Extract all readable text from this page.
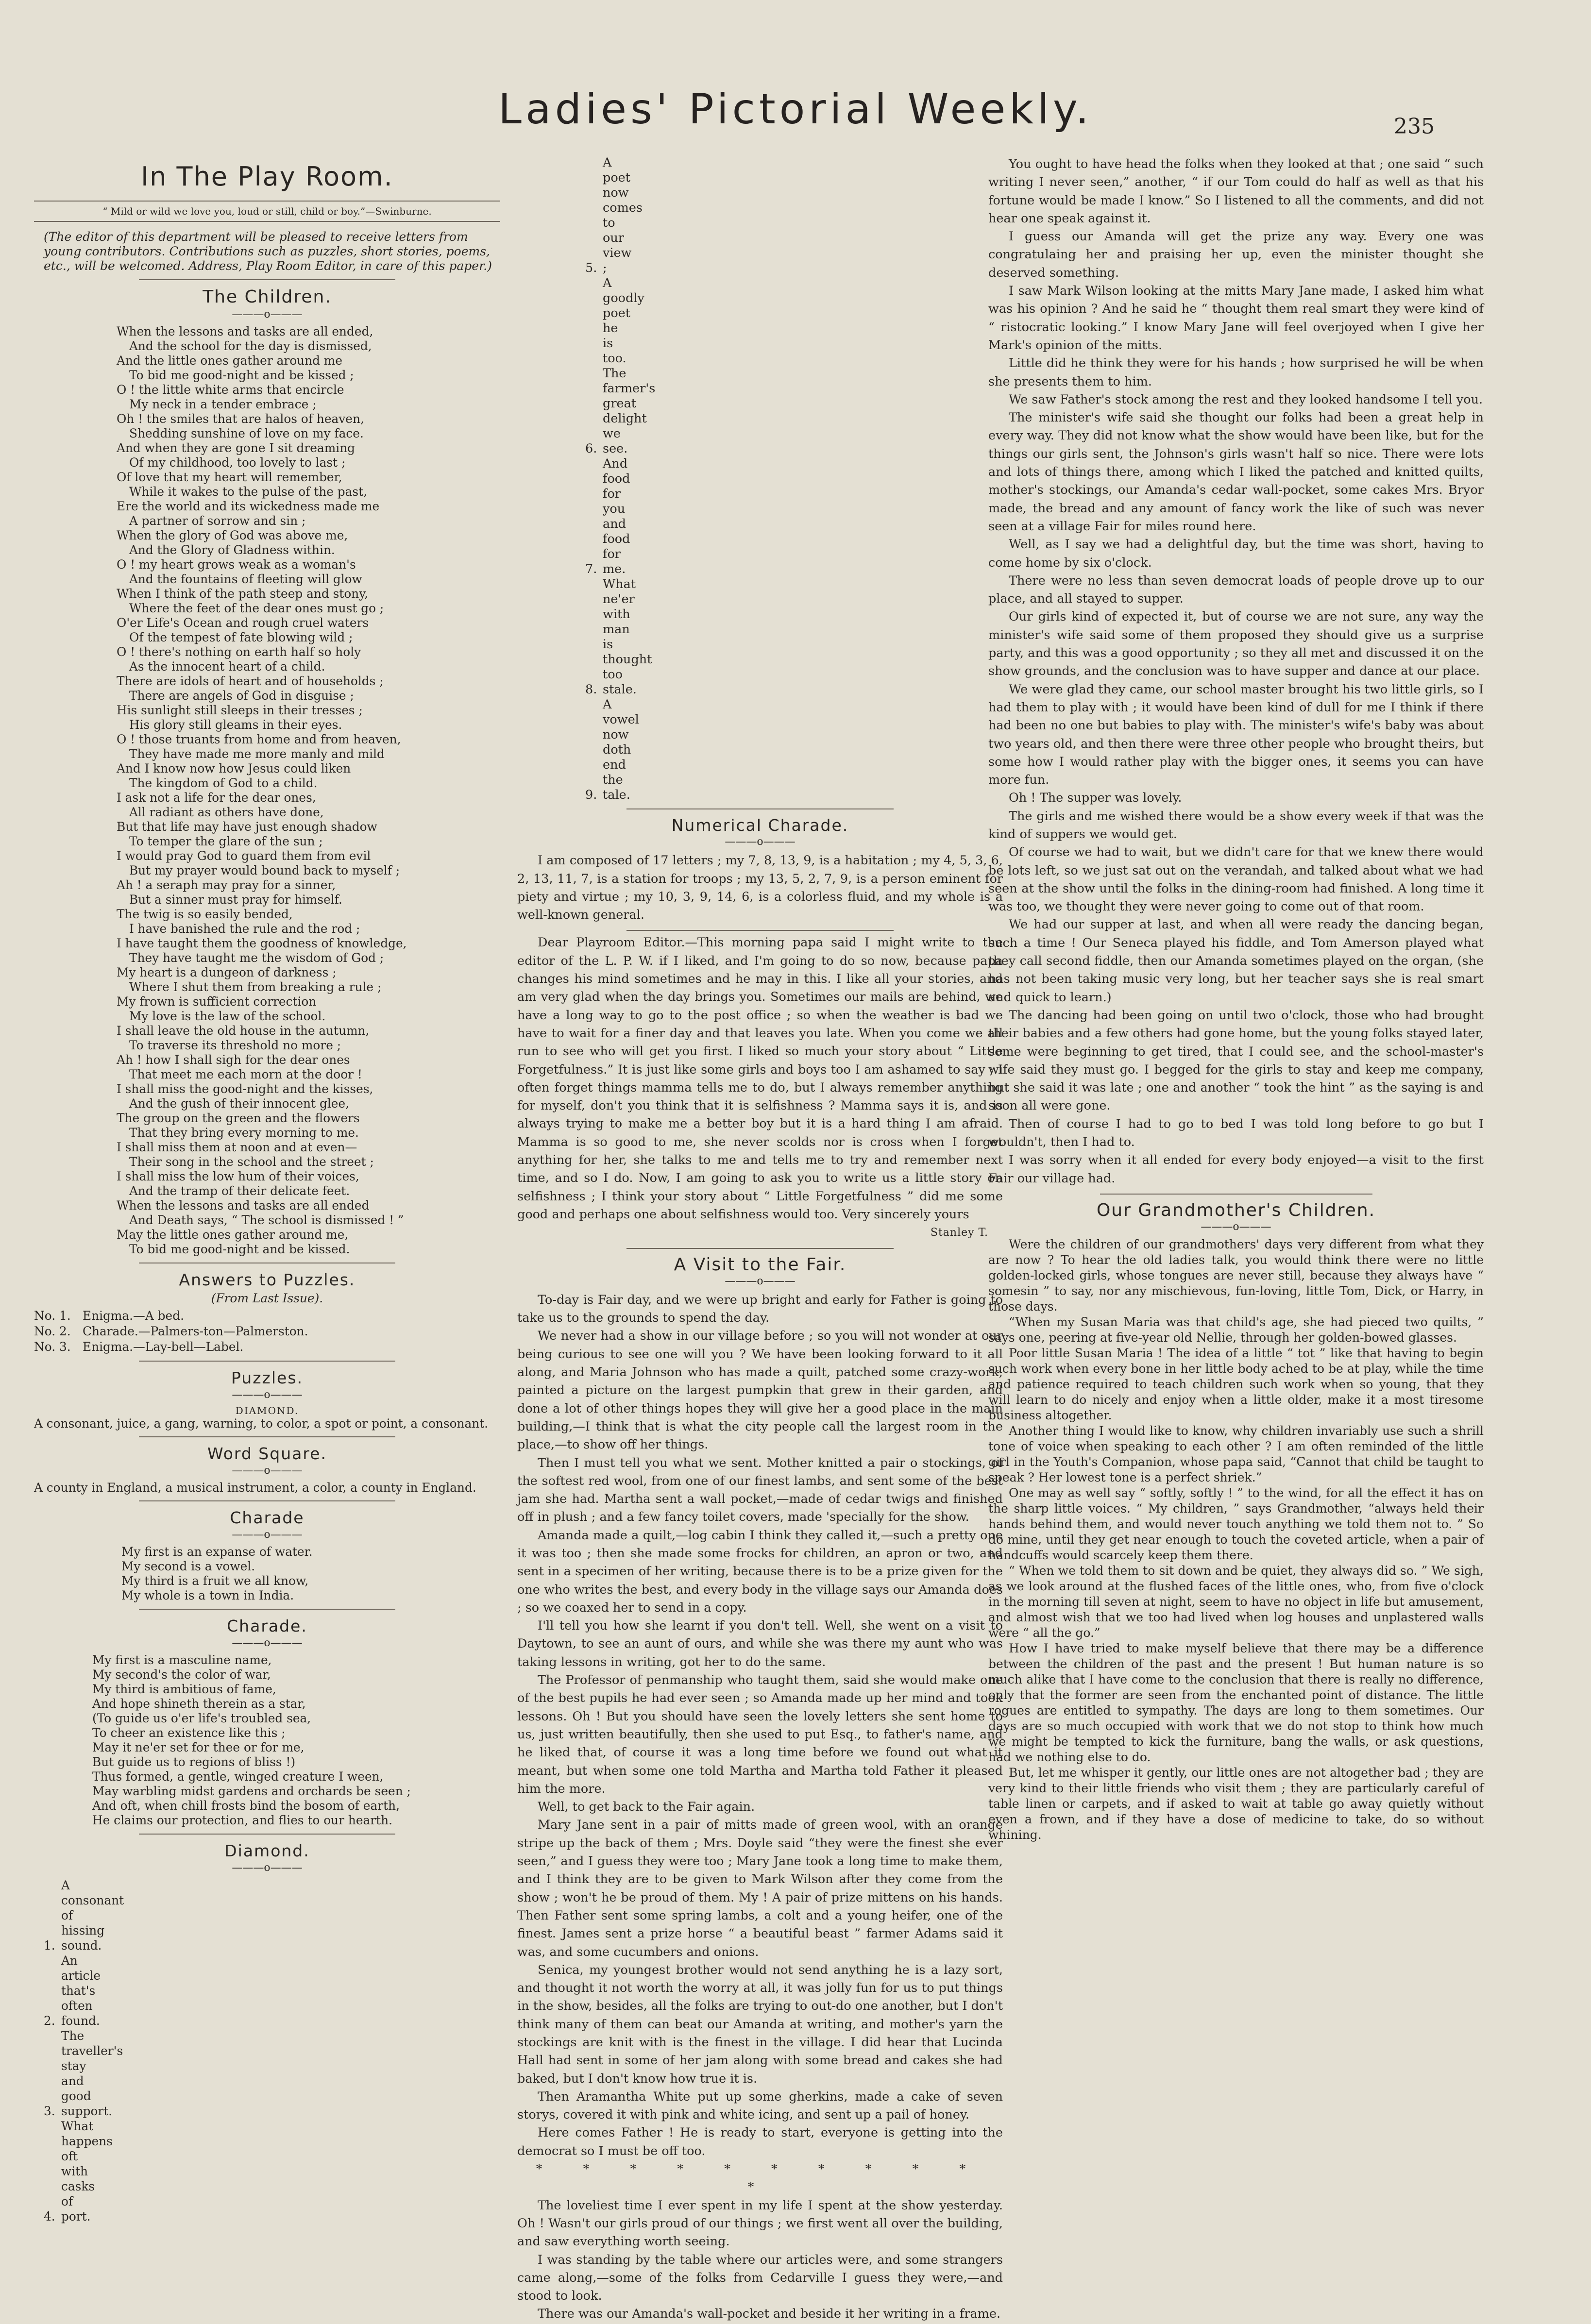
Ladies' Pictorial Weekly.	235
In The Play Room.
“ Mild or wild we love you, loud or still, child or boy.”—Swinburne.
(The editor of this department will be pleased to receive letters from young contributors. Contributions such as puzzles, short stories, poems, etc., will be welcomed. Address, Play Room Editor, in care of this paper.)
The Children.
———o———
When the lessons and tasks are all ended,
And the school for the day is dismissed,
And the little ones gather around me
To bid me good-night and be kissed ;
O ! the little white arms that encircle
My neck in a tender embrace ;
Oh ! the smiles that are halos of heaven,
Shedding sunshine of love on my face.
And when they are gone I sit dreaming
Of my childhood, too lovely to last ;
Of love that my heart will remember,
While it wakes to the pulse of the past,
Ere the world and its wickedness made me
A partner of sorrow and sin ;
When the glory of God was above me,
And the Glory of Gladness within.
O ! my heart grows weak as a woman's
And the fountains of fleeting will glow
When I think of the path steep and stony,
Where the feet of the dear ones must go ;
O'er Life's Ocean and rough cruel waters
Of the tempest of fate blowing wild ;
O ! there's nothing on earth half so holy
As the innocent heart of a child.
There are idols of heart and of households ;
There are angels of God in disguise ;
His sunlight still sleeps in their tresses ;
His glory still gleams in their eyes.
O ! those truants from home and from heaven,
They have made me more manly and mild
And I know now how Jesus could liken
The kingdom of God to a child.
I ask not a life for the dear ones,
All radiant as others have done,
But that life may have just enough shadow
To temper the glare of the sun ;
I would pray God to guard them from evil
But my prayer would bound back to myself ;
Ah ! a seraph may pray for a sinner,
But a sinner must pray for himself.
The twig is so easily bended,
I have banished the rule and the rod ;
I have taught them the goodness of knowledge,
They have taught me the wisdom of God ;
My heart is a dungeon of darkness ;
Where I shut them from breaking a rule ;
My frown is sufficient correction
My love is the law of the school.
I shall leave the old house in the autumn,
To traverse its threshold no more ;
Ah ! how I shall sigh for the dear ones
That meet me each morn at the door !
I shall miss the good-night and the kisses,
And the gush of their innocent glee,
The group on the green and the flowers
That they bring every morning to me.
I shall miss them at noon and at even—
Their song in the school and the street ;
I shall miss the low hum of their voices,
And the tramp of their delicate feet.
When the lessons and tasks are all ended
And Death says, “ The school is dismissed ! ”
May the little ones gather around me,
To bid me good-night and be kissed.
Answers to Puzzles.
(From Last Issue).
No. 1. Enigma.—A bed.
No. 2. Charade.—Palmers-ton—Palmerston.
No. 3. Enigma.—Lay-bell—Label.
Puzzles.
———o———
DIAMOND.

A consonant, juice, a gang, warning, to color, a spot or point, a consonant.

Word Square.
———o———

A county in England, a musical instrument, a color, a county in England.

Charade
———o———
My first is an expanse of water.
My second is a vowel.
My third is a fruit we all know,
My whole is a town in India.
Charade.
———o———
My first is a masculine name,
My second's the color of war,
My third is ambitious of fame,
And hope shineth therein as a star,
(To guide us o'er life's troubled sea,
To cheer an existence like this ;
May it ne'er set for thee or for me,
But guide us to regions of bliss !)
Thus formed, a gentle, winged creature I ween,
May warbling midst gardens and orchards be seen ;
And oft, when chill frosts bind the bosom of earth,
He claims our protection, and flies to our hearth.
Diamond.
———o———
1.A consonant of hissing sound.
2.An article that's often found.
3.The traveller's stay and good support.
4.What happens oft with casks of port.
5.A poet now comes to our view ;
A goodly poet he is too.
6.The farmer's great delight we see.
7.And food for you and food for me.
8.What ne'er with man is thought too stale.
9.A vowel now doth end the tale.
Numerical Charade.
———o———

I am composed of 17 letters ; my 7, 8, 13, 9, is a habitation ; my 4, 5, 3, 6, 2, 13, 11, 7, is a station for troops ; my 13, 5, 2, 7, 9, is a person eminent for piety and virtue ; my 10, 3, 9, 14, 6, is a colorless fluid, and my whole is a well-known general.

Dear Playroom Editor.—This morning papa said I might write to the editor of the L. P. W. if I liked, and I'm going to do so now, because papa changes his mind sometimes and he may in this. I like all your stories, and am very glad when the day brings you. Sometimes our mails are behind, we have a long way to go to the post office ; so when the weather is bad we have to wait for a finer day and that leaves you late. When you come we all run to see who will get you first. I liked so much your story about “ Little Forgetfulness.” It is just like some girls and boys too I am ashamed to say ; I often forget things mamma tells me to do, but I always remember anything for myself, don't you think that it is selfishness ? Mamma says it is, and is always trying to make me a better boy but it is a hard thing I am afraid. Mamma is so good to me, she never scolds nor is cross when I forget anything for her, she talks to me and tells me to try and remember next time, and so I do. Now, I am going to ask you to write us a little story on selfishness ; I think your story about “ Little Forgetfulness ” did me some good and perhaps one about selfishness would too. Very sincerely yours

Stanley T.
A Visit to the Fair.
———o———

To-day is Fair day, and we were up bright and early for Father is going to take us to the grounds to spend the day.

We never had a show in our village before ; so you will not wonder at our being curious to see one will you ? We have been looking forward to it all along, and Maria Johnson who has made a quilt, patched some crazy-work, painted a picture on the largest pumpkin that grew in their garden, and done a lot of other things hopes they will give her a good place in the main building,—I think that is what the city people call the largest room in the place,—to show off her things.

Then I must tell you what we sent. Mother knitted a pair o stockings, of the softest red wool, from one of our finest lambs, and sent some of the best jam she had. Martha sent a wall pocket,—made of cedar twigs and finished off in plush ; and a few fancy toilet covers, made 'specially for the show.

Amanda made a quilt,—log cabin I think they called it,—such a pretty one it was too ; then she made some frocks for children, an apron or two, and sent in a specimen of her writing, because there is to be a prize given for the one who writes the best, and every body in the village says our Amanda does ; so we coaxed her to send in a copy.

I'll tell you how she learnt if you don't tell. Well, she went on a visit to Daytown, to see an aunt of ours, and while she was there my aunt who was taking lessons in writing, got her to do the same.

The Professor of penmanship who taught them, said she would make one of the best pupils he had ever seen ; so Amanda made up her mind and took lessons. Oh ! But you should have seen the lovely letters she sent home to us, just written beautifully, then she used to put Esq., to father's name, and he liked that, of course it was a long time before we found out what it meant, but when some one told Martha and Martha told Father it pleased him the more.

Well, to get back to the Fair again.

Mary Jane sent in a pair of mitts made of green wool, with an orange stripe up the back of them ; Mrs. Doyle said “they were the finest she ever seen,” and I guess they were too ; Mary Jane took a long time to make them, and I think they are to be given to Mark Wilson after they come from the show ; won't he be proud of them. My ! A pair of prize mittens on his hands. Then Father sent some spring lambs, a colt and a young heifer, one of the finest. James sent a prize horse “ a beautiful beast ” farmer Adams said it was, and some cucumbers and onions.

Senica, my youngest brother would not send anything he is a lazy sort, and thought it not worth the worry at all, it was jolly fun for us to put things in the show, besides, all the folks are trying to out-do one another, but I don't think many of them can beat our Amanda at writing, and mother's yarn the stockings are knit with is the finest in the village. I did hear that Lucinda Hall had sent in some of her jam along with some bread and cakes she had baked, but I don't know how true it is.

Then Aramantha White put up some gherkins, made a cake of seven storys, covered it with pink and white icing, and sent up a pail of honey.

Here comes Father ! He is ready to start, everyone is getting into the democrat so I must be off too.

* * * * * * * * * * *

The loveliest time I ever spent in my life I spent at the show yesterday. Oh ! Wasn't our girls proud of our things ; we first went all over the building, and saw everything worth seeing.

I was standing by the table where our articles were, and some strangers came along,—some of the folks from Cedarville I guess they were,—and stood to look.

There was our Amanda's wall-pocket and beside it her writing in a frame.

You ought to have head the folks when they looked at that ; one said “ such writing I never seen,” another, “ if our Tom could do half as well as that his fortune would be made I know.” So I listened to all the comments, and did not hear one speak against it.

I guess our Amanda will get the prize any way. Every one was congratulaing her and praising her up, even the minister thought she deserved something.

I saw Mark Wilson looking at the mitts Mary Jane made, I asked him what was his opinion ? And he said he “ thought them real smart they were kind of “ ristocratic looking.” I know Mary Jane will feel overjoyed when I give her Mark's opinion of the mitts.

Little did he think they were for his hands ; how surprised he will be when she presents them to him.

We saw Father's stock among the rest and they looked handsome I tell you.

The minister's wife said she thought our folks had been a great help in every way. They did not know what the show would have been like, but for the things our girls sent, the Johnson's girls wasn't half so nice. There were lots and lots of things there, among which I liked the patched and knitted quilts, mother's stockings, our Amanda's cedar wall-pocket, some cakes Mrs. Bryor made, the bread and any amount of fancy work the like of such was never seen at a village Fair for miles round here.

Well, as I say we had a delightful day, but the time was short, having to come home by six o'clock.

There were no less than seven democrat loads of people drove up to our place, and all stayed to supper.

Our girls kind of expected it, but of course we are not sure, any way the minister's wife said some of them proposed they should give us a surprise party, and this was a good opportunity ; so they all met and discussed it on the show grounds, and the conclusion was to have supper and dance at our place.

We were glad they came, our school master brought his two little girls, so I had them to play with ; it would have been kind of dull for me I think if there had been no one but babies to play with. The minister's wife's baby was about two years old, and then there were three other people who brought theirs, but some how I would rather play with the bigger ones, it seems you can have more fun.

Oh ! The supper was lovely.

The girls and me wished there would be a show every week if that was the kind of suppers we would get.

Of course we had to wait, but we didn't care for that we knew there would be lots left, so we just sat out on the verandah, and talked about what we had seen at the show until the folks in the dining-room had finished. A long time it was too, we thought they were never going to come out of that room.

We had our supper at last, and when all were ready the dancing began, such a time ! Our Seneca played his fiddle, and Tom Amerson played what they call second fiddle, then our Amanda sometimes played on the organ, (she has not been taking music very long, but her teacher says she is real smart and quick to learn.)

The dancing had been going on until two o'clock, those who had brought their babies and a few others had gone home, but the young folks stayed later, some were beginning to get tired, that I could see, and the school-master's wife said they must go. I begged for the girls to stay and keep me company, but she said it was late ; one and another “ took the hint ” as the saying is and soon all were gone.

Then of course I had to go to bed I was told long before to go but I wouldn't, then I had to.

I was sorry when it all ended for every body enjoyed—a visit to the first Fair our village had.

Our Grandmother's Children.
———o———

Were the children of our grandmothers' days very different from what they are now ? To hear the old ladies talk, you would think there were no little golden-locked girls, whose tongues are never still, because they always have “ somesin ” to say, nor any mischievous, fun-loving, little Tom, Dick, or Harry, in those days.

“When my Susan Maria was that child's age, she had pieced two quilts, ” says one, peering at five-year old Nellie, through her golden-bowed glasses.

Poor little Susan Maria ! The idea of a little “ tot ” like that having to begin such work when every bone in her little body ached to be at play, while the time and patience required to teach children such work when so young, that they will learn to do nicely and enjoy when a little older, make it a most tiresome business altogether.

Another thing I would like to know, why children invariably use such a shrill tone of voice when speaking to each other ? I am often reminded of the little girl in the Youth's Companion, whose papa said, “Cannot that child be taught to speak ? Her lowest tone is a perfect shriek.”

One may as well say “ softly, softly ! ” to the wind, for all the effect it has on the sharp little voices. “ My children, ” says Grandmother, “always held their hands behind them, and would never touch anything we told them not to. ” So do mine, until they get near enough to touch the coveted article, when a pair of handcuffs would scarcely keep them there.

“ When we told them to sit down and be quiet, they always did so. ” We sigh, as we look around at the flushed faces of the little ones, who, from five o'clock in the morning till seven at night, seem to have no object in life but amusement, and almost wish that we too had lived when log houses and unplastered walls were “ all the go.”

How I have tried to make myself believe that there may be a difference between the children of the past and the present ! But human nature is so much alike that I have come to the conclusion that there is really no difference, only that the former are seen from the enchanted point of distance. The little rogues are entitled to sympathy. The days are long to them sometimes. Our days are so much occupied with work that we do not stop to think how much we might be tempted to kick the furniture, bang the walls, or ask questions, had we nothing else to do.

But, let me whisper it gently, our little ones are not altogether bad ; they are very kind to their little friends who visit them ; they are particularly careful of table linen or carpets, and if asked to wait at table go away quietly without even a frown, and if they have a dose of medicine to take, do so without whining.
